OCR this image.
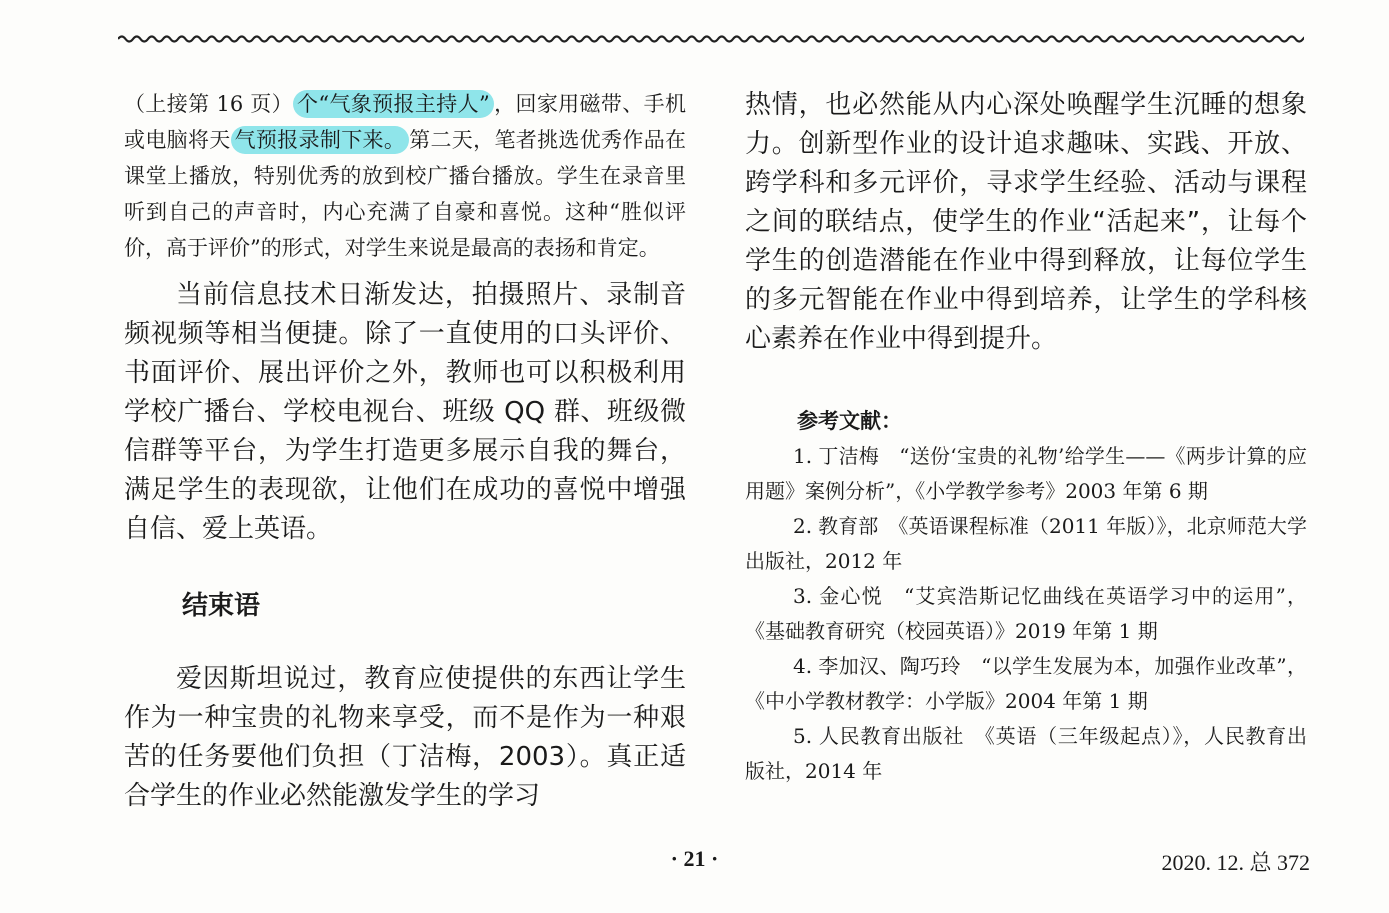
（上接第 16 页） 个“气象预报主持人” ，回家用磁带、手机或电脑将天 气预报录制下来。 第二天，笔者挑选优秀作品在课堂上播放，特别优秀的放到校广播台播放。学生在录音里听到自己的声音时，内心充满了自豪和喜悦。这种“胜似评价，高于评价”的形式，对学生来说是最高的表扬和肯定。

当前信息技术日渐发达，拍摄照片、录制音频视频等相当便捷。除了一直使用的口头评价、书面评价、展出评价之外，教师也可以积极利用学校广播台、学校电视台、班级 QQ 群、班级微信群等平台，为学生打造更多展示自我的舞台，满足学生的表现欲，让他们在成功的喜悦中增强自信、爱上英语。

结束语

爱因斯坦说过，教育应使提供的东西让学生作为一种宝贵的礼物来享受，而不是作为一种艰苦的任务要他们负担（丁洁梅，2003）。真正适合学生的作业必然能激发学生的学习

热情，也必然能从内心深处唤醒学生沉睡的想象力。创新型作业的设计追求趣味、实践、开放、跨学科和多元评价，寻求学生经验、活动与课程之间的联结点，使学生的作业“活起来”，让每个学生的创造潜能在作业中得到释放，让每位学生的多元智能在作业中得到培养，让学生的学科核心素养在作业中得到提升。

参考文献：

1. 丁洁梅　“送份‘宝贵的礼物’给学生——《两步计算的应用题》案例分析”，《小学教学参考》2003 年第 6 期

2. 教育部　《英语课程标准（2011 年版）》，北京师范大学出版社，2012 年

3. 金心悦　“艾宾浩斯记忆曲线在英语学习中的运用”，《基础教育研究（校园英语）》2019 年第 1 期

4. 李加汉、陶巧玲　“以学生发展为本，加强作业改革”，《中小学教材教学：小学版》2004 年第 1 期

5. 人民教育出版社　《英语（三年级起点）》，人民教育出版社，2014 年

· 21 ·	2020. 12. 总 372
